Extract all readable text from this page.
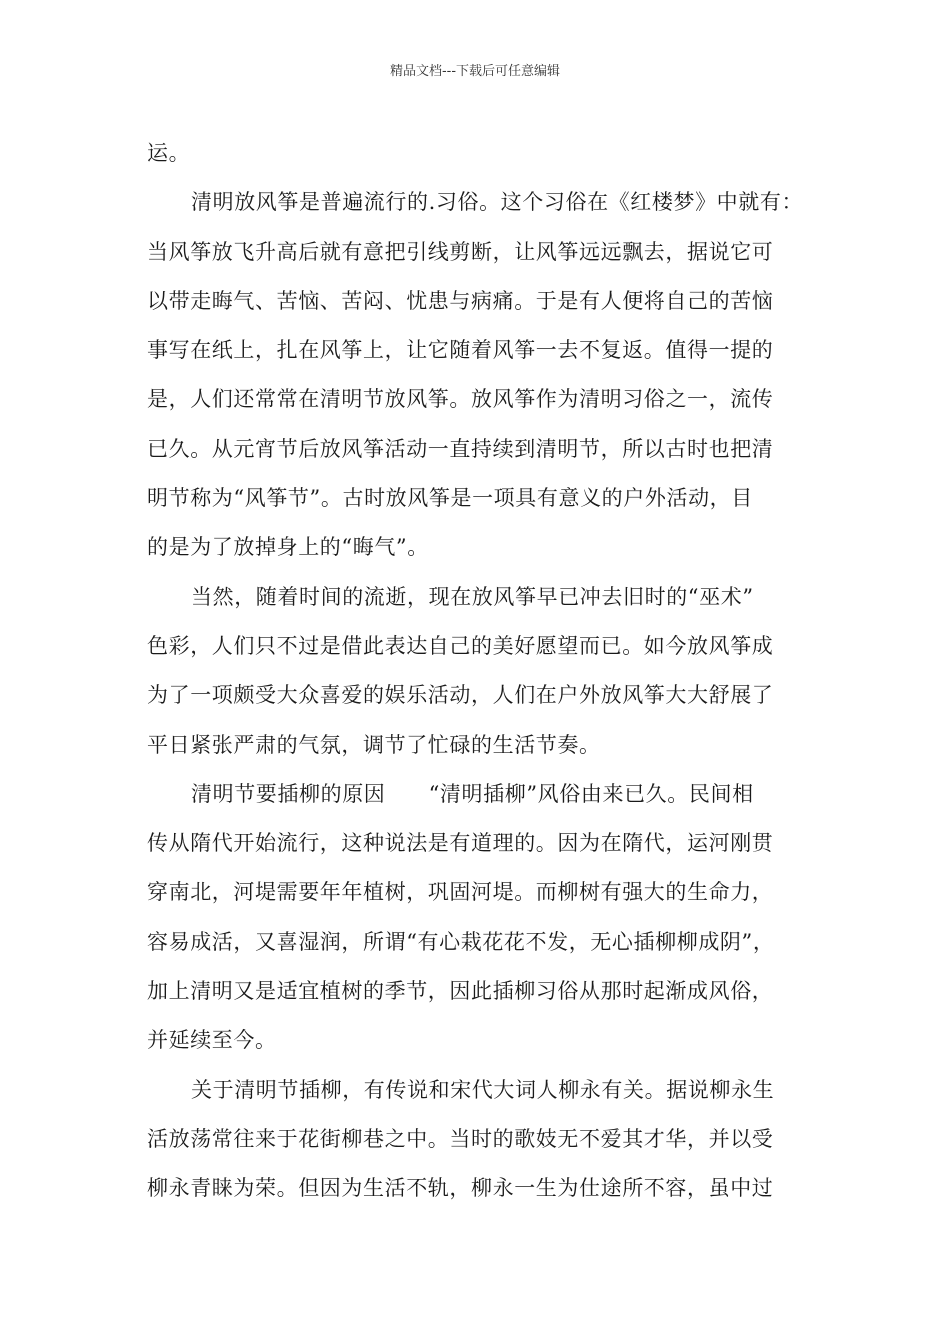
精品文档---下载后可任意编辑
运。
清明放风筝是普遍流行的.习俗。这个习俗在《红楼梦》中就有：
当风筝放飞升高后就有意把引线剪断，让风筝远远飘去，据说它可
以带走晦气、苦恼、苦闷、忧患与病痛。于是有人便将自己的苦恼
事写在纸上，扎在风筝上，让它随着风筝一去不复返。值得一提的
是，人们还常常在清明节放风筝。放风筝作为清明习俗之一，流传
已久。从元宵节后放风筝活动一直持续到清明节，所以古时也把清
明节称为“风筝节”。古时放风筝是一项具有意义的户外活动，目
的是为了放掉身上的“晦气”。
当然，随着时间的流逝，现在放风筝早已冲去旧时的“巫术”
色彩，人们只不过是借此表达自己的美好愿望而已。如今放风筝成
为了一项颇受大众喜爱的娱乐活动，人们在户外放风筝大大舒展了
平日紧张严肃的气氛，调节了忙碌的生活节奏。
清明节要插柳的原因　　“清明插柳”风俗由来已久。民间相
传从隋代开始流行，这种说法是有道理的。因为在隋代，运河刚贯
穿南北，河堤需要年年植树，巩固河堤。而柳树有强大的生命力，
容易成活，又喜湿润，所谓“有心栽花花不发，无心插柳柳成阴”，
加上清明又是适宜植树的季节，因此插柳习俗从那时起渐成风俗，
并延续至今。
关于清明节插柳，有传说和宋代大词人柳永有关。据说柳永生
活放荡常往来于花街柳巷之中。当时的歌妓无不爱其才华，并以受
柳永青睐为荣。但因为生活不轨，柳永一生为仕途所不容，虽中过
